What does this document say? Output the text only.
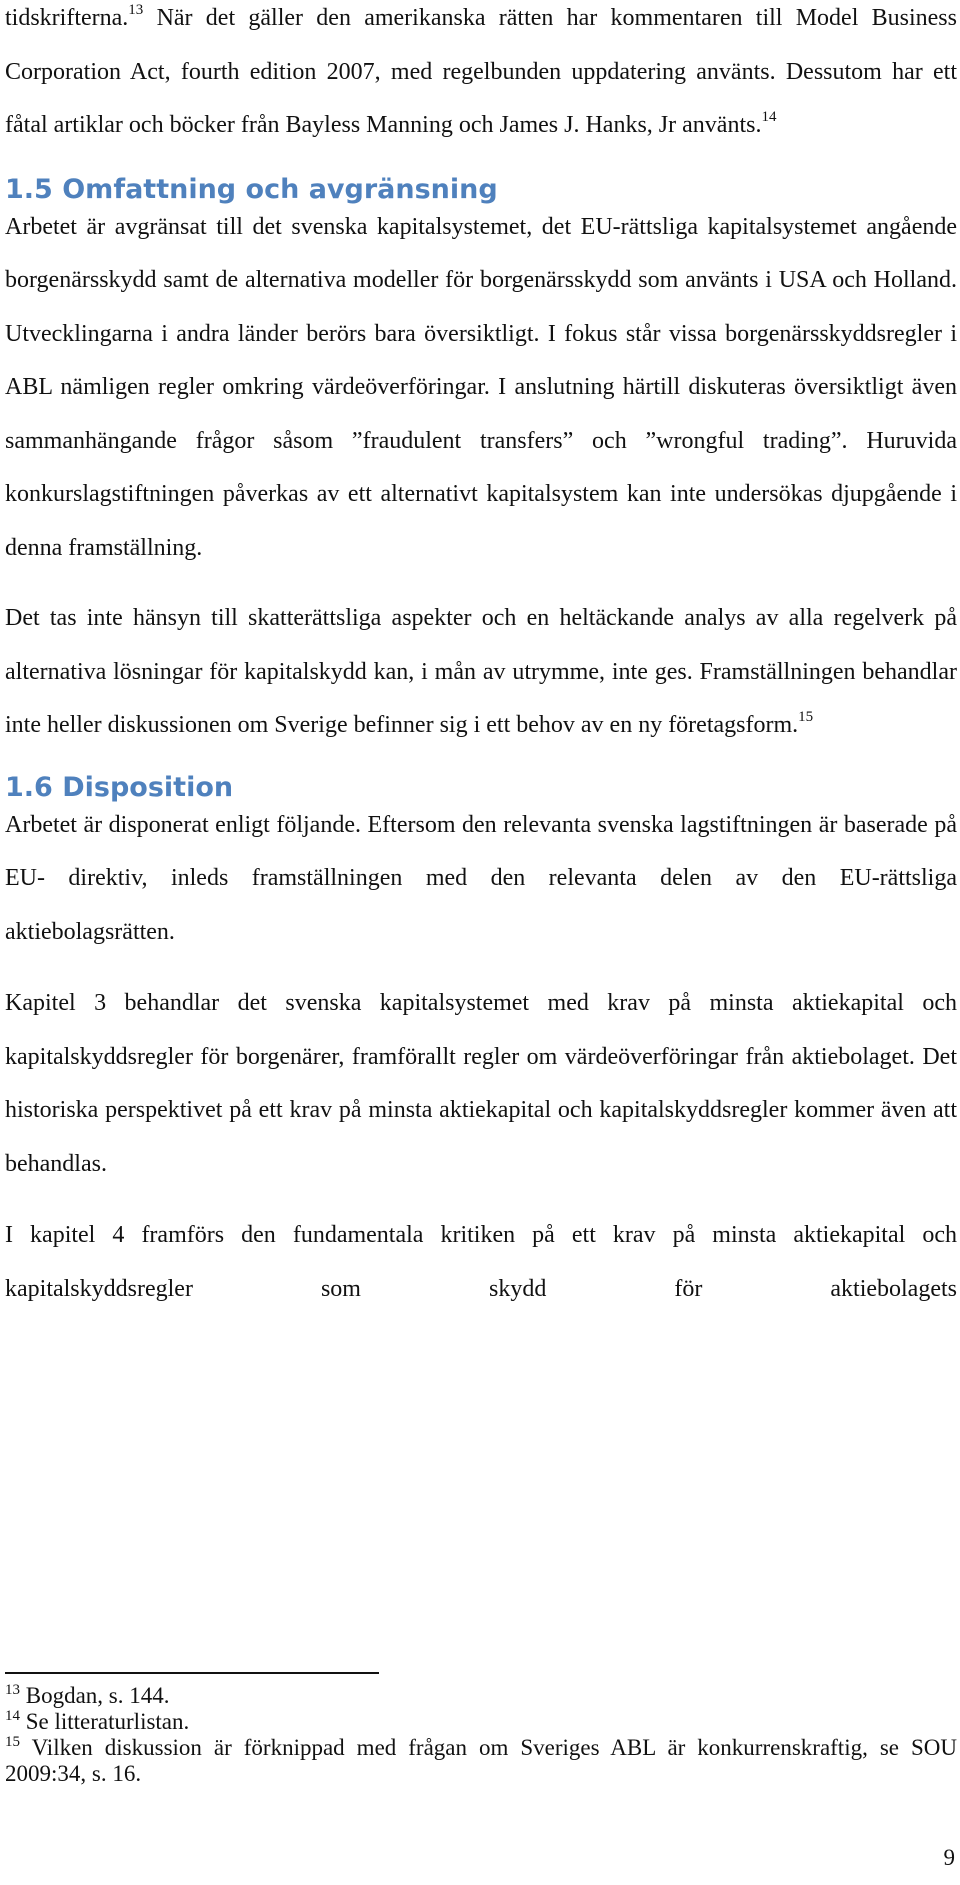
tidskrifterna.$^{13}$ När det gäller den amerikanska rätten har kommentaren till Model Business Corporation Act, fourth edition 2007, med regelbunden uppdatering använts. Dessutom har ett fåtal artiklar och böcker från Bayless Manning och James J. Hanks, Jr använts.$^{14}$

1.5 Omfattning och avgränsning

Arbetet är avgränsat till det svenska kapitalsystemet, det EU-rättsliga kapitalsystemet angående borgenärsskydd samt de alternativa modeller för borgenärsskydd som använts i USA och Holland. Utvecklingarna i andra länder berörs bara översiktligt. I fokus står vissa borgenärsskyddsregler i ABL nämligen regler omkring värdeöverföringar. I anslutning härtill diskuteras översiktligt även sammanhängande frågor såsom ”fraudulent transfers” och ”wrongful trading”. Huruvida konkurslagstiftningen påverkas av ett alternativt kapitalsystem kan inte undersökas djupgående i denna framställning.

Det tas inte hänsyn till skatterättsliga aspekter och en heltäckande analys av alla regelverk på alternativa lösningar för kapitalskydd kan, i mån av utrymme, inte ges. Framställningen behandlar inte heller diskussionen om Sverige befinner sig i ett behov av en ny företagsform.$^{15}$

1.6 Disposition

Arbetet är disponerat enligt följande. Eftersom den relevanta svenska lagstiftningen är baserade på EU- direktiv, inleds framställningen med den relevanta delen av den EU-rättsliga aktiebolagsrätten.

Kapitel 3 behandlar det svenska kapitalsystemet med krav på minsta aktiekapital och kapitalskyddsregler för borgenärer, framförallt regler om värdeöverföringar från aktiebolaget. Det historiska perspektivet på ett krav på minsta aktiekapital och kapitalskyddsregler kommer även att behandlas.

I kapitel 4 framförs den fundamentala kritiken på ett krav på minsta aktiekapital och kapitalskyddsregler som skydd för aktiebolagets

$^{13}$ Bogdan, s. 144.

$^{14}$ Se litteraturlistan.

$^{15}$ Vilken diskussion är förknippad med frågan om Sveriges ABL är konkurrenskraftig, se SOU 2009:34, s. 16.

9
